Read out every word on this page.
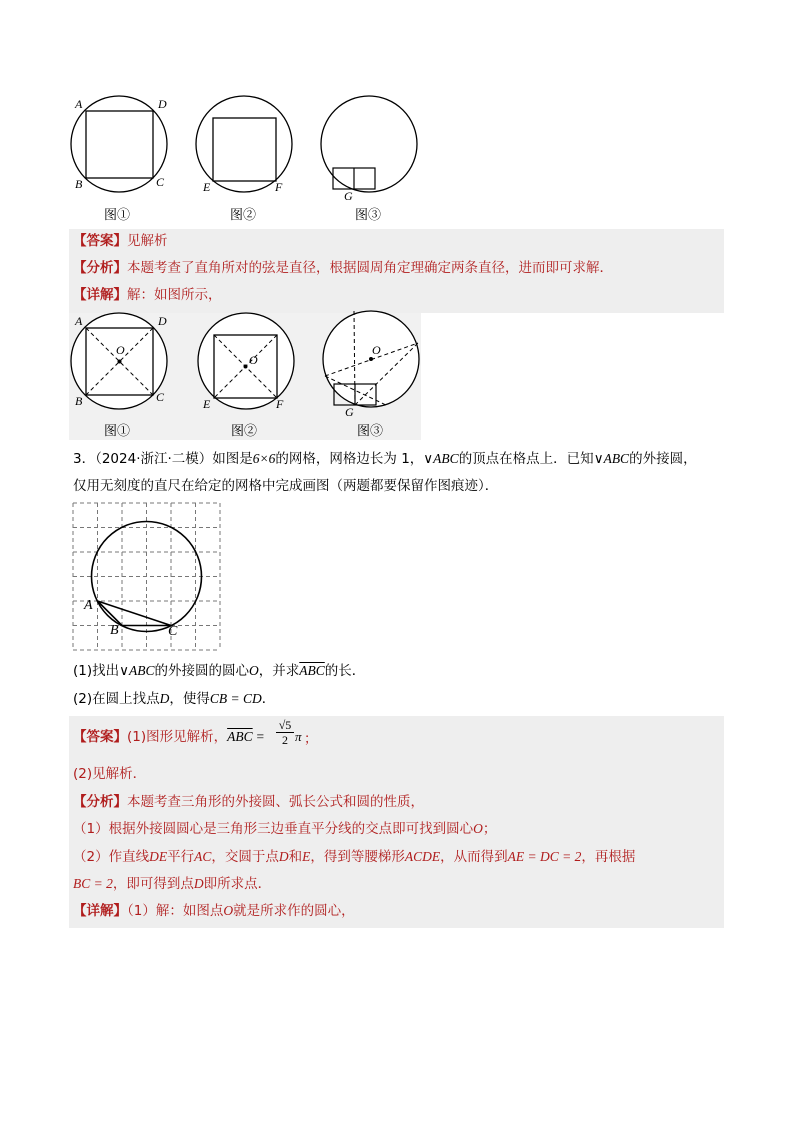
A	D
B	C	E	F
G
图①	图②	图③
【答案】见解析
【分析】本题考查了直角所对的弦是直径，根据圆周角定理确定两条直径，进而即可求解．
【详解】解：如图所示，
A	D
B	C
O
E	F
O
G
O
图①	图②	图③
3．（2024·浙江·二模）如图是6×6的网格，网格边长为 1，∨ABC的顶点在格点上．已知∨ABC的外接圆，
仅用无刻度的直尺在给定的网格中完成画图（两题都要保留作图痕迹）．
A
B	C
(1)找出∨ABC的外接圆的圆心O，并求$\overline{ABC}$的长．
(2)在圆上找点D，使得CB = CD．
【答案】(1)图形见解析，$\overline{ABC} = \frac{√5}{2}$ π ；
(2)见解析．
【分析】本题考查三角形的外接圆、弧长公式和圆的性质，
（1）根据外接圆圆心是三角形三边垂直平分线的交点即可找到圆心O；
（2）作直线DE平行AC，交圆于点D和E，得到等腰梯形ACDE，从而得到AE = DC = 2，再根据
BC = 2，即可得到点D即所求点．
【详解】（1）解：如图点O就是所求作的圆心，
